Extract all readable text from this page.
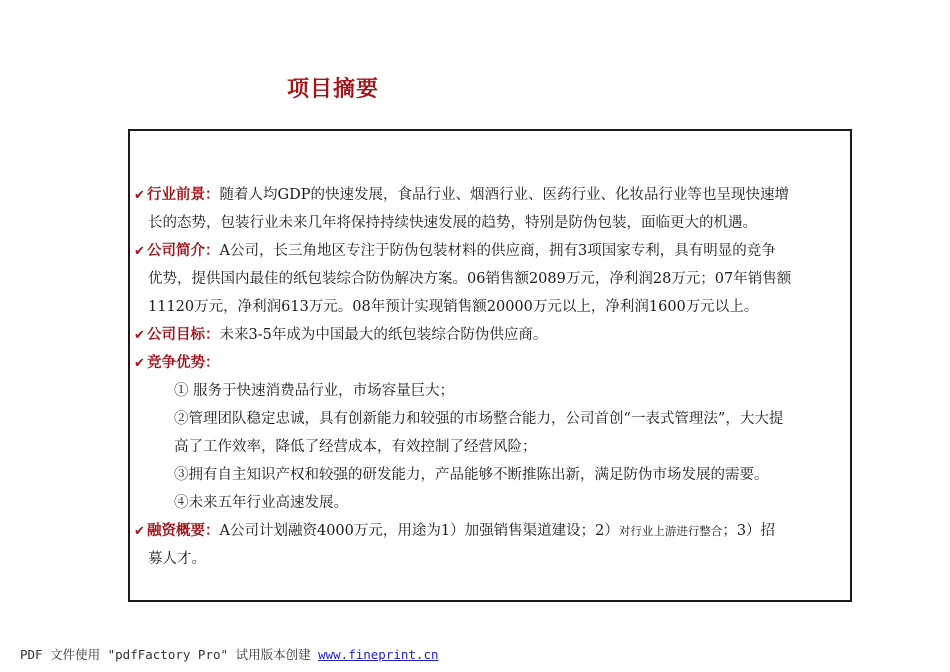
项目摘要
✔ 行业前景：随着人均GDP的快速发展，食品行业、烟酒行业、医药行业、化妆品行业等也呈现快速增
长的态势，包装行业未来几年将保持持续快速发展的趋势，特别是防伪包装，面临更大的机遇。
✔ 公司简介：A公司，长三角地区专注于防伪包装材料的供应商，拥有3项国家专利，具有明显的竞争
优势，提供国内最佳的纸包装综合防伪解决方案。06销售额2089万元，净利润28万元；07年销售额
11120万元，净利润613万元。08年预计实现销售额20000万元以上，净利润1600万元以上。
✔ 公司目标：未来3-5年成为中国最大的纸包装综合防伪供应商。
✔ 竞争优势：
① 服务于快速消费品行业，市场容量巨大；
②管理团队稳定忠诚，具有创新能力和较强的市场整合能力，公司首创“一表式管理法”，大大提
高了工作效率，降低了经营成本，有效控制了经营风险；
③拥有自主知识产权和较强的研发能力，产品能够不断推陈出新，满足防伪市场发展的需要。
④未来五年行业高速发展。
✔ 融资概要：A公司计划融资4000万元，用途为1）加强销售渠道建设；2）对行业上游进行整合；3）招
募人才。
PDF 文件使用 "pdfFactory Pro" 试用版本创建 www.fineprint.cn
